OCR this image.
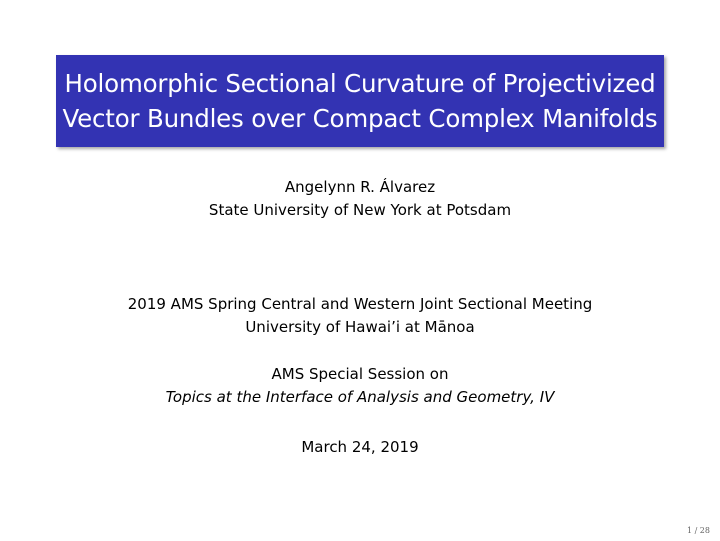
Holomorphic Sectional Curvature of Projectivized
Vector Bundles over Compact Complex Manifolds
Angelynn R. Álvarez
State University of New York at Potsdam
2019 AMS Spring Central and Western Joint Sectional Meeting
University of Hawai’i at Mānoa
AMS Special Session on
Topics at the Interface of Analysis and Geometry, IV
March 24, 2019
1 / 28
